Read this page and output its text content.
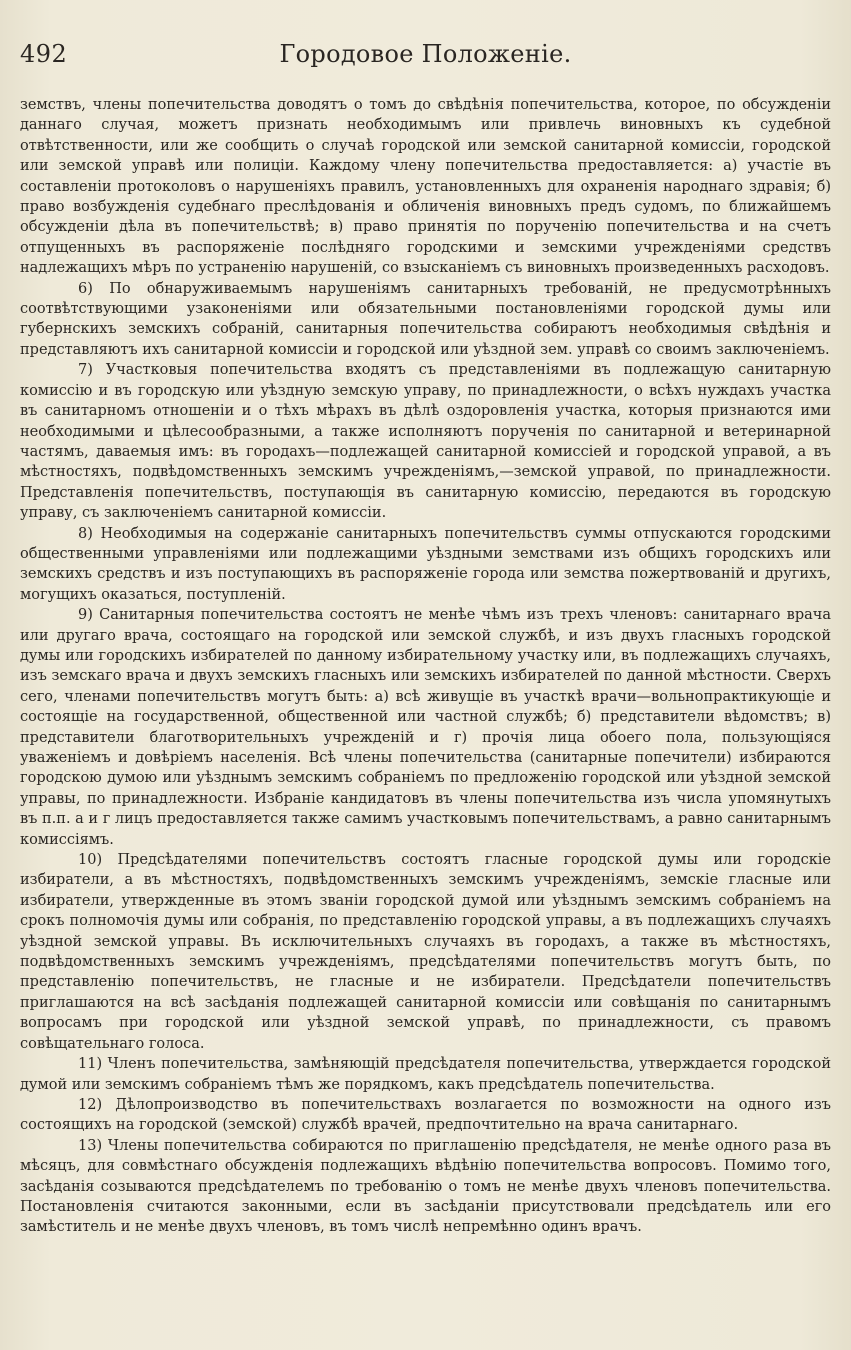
492	Городовое Положеніе.

земствъ, члены попечительства доводятъ о томъ до свѣдѣнія попечительства, которое, по обсужденіи даннаго случая, можетъ признать необходимымъ или привлечь виновныхъ къ судебной отвѣтственности, или же сообщить о случаѣ городской или земской санитарной комиссіи, городской или земской управѣ или полиціи. Каждому члену попечительства предоставляется: а) участіе въ составленіи протоколовъ о нарушеніяхъ правилъ, установленныхъ для охраненія народнаго здравія; б) право возбужденія судебнаго преслѣдованія и обличенія виновныхъ предъ судомъ, по ближайшемъ обсужденіи дѣла въ попечительствѣ; в) право принятія по порученію попечительства и на счетъ отпущенныхъ въ распоряженіе послѣдняго городскими и земскими учрежденіями средствъ надлежащихъ мѣръ по устраненію нарушеній, со взысканіемъ съ виновныхъ произведенныхъ расходовъ.

6) По обнаруживаемымъ нарушеніямъ санитарныхъ требованій, не предусмотрѣнныхъ соотвѣтствующими узаконеніями или обязательными постановленіями городской думы или губернскихъ земскихъ собраній, санитарныя попечительства собираютъ необходимыя свѣдѣнія и представляютъ ихъ санитарной комиссіи и городской или уѣздной зем. управѣ со своимъ заключеніемъ.

7) Участковыя попечительства входятъ съ представленіями въ подлежащую санитарную комиссію и въ городскую или уѣздную земскую управу, по принадлежности, о всѣхъ нуждахъ участка въ санитарномъ отношеніи и о тѣхъ мѣрахъ въ дѣлѣ оздоровленія участка, которыя признаются ими необходимыми и цѣлесообразными, а также исполняютъ порученія по санитарной и ветеринарной частямъ, даваемыя имъ: въ городахъ—подлежащей санитарной комиссіей и городской управой, а въ мѣстностяхъ, подвѣдомственныхъ земскимъ учрежденіямъ,—земской управой, по принадлежности. Представленія попечительствъ, поступающія въ санитарную комиссію, передаются въ городскую управу, съ заключеніемъ санитарной комиссіи.

8) Необходимыя на содержаніе санитарныхъ попечительствъ суммы отпускаются городскими общественными управленіями или подлежащими уѣздными земствами изъ общихъ городскихъ или земскихъ средствъ и изъ поступающихъ въ распоряженіе города или земства пожертвованій и другихъ, могущихъ оказаться, поступленій.

9) Санитарныя попечительства состоятъ не менѣе чѣмъ изъ трехъ членовъ: санитарнаго врача или другаго врача, состоящаго на городской или земской службѣ, и изъ двухъ гласныхъ городской думы или городскихъ избирателей по данному избирательному участку или, въ подлежащихъ случаяхъ, изъ земскаго врача и двухъ земскихъ гласныхъ или земскихъ избирателей по данной мѣстности. Сверхъ сего, членами попечительствъ могутъ быть: а) всѣ живущіе въ участкѣ врачи—вольнопрактикующіе и состоящіе на государственной, общественной или частной службѣ; б) представители вѣдомствъ; в) представители благотворительныхъ учрежденій и г) прочія лица обоего пола, пользующіяся уваженіемъ и довѣріемъ населенія. Всѣ члены попечительства (санитарные попечители) избираются городскою думою или уѣзднымъ земскимъ собраніемъ по предложенію городской или уѣздной земской управы, по принадлежности. Избраніе кандидатовъ въ члены попечительства изъ числа упомянутыхъ въ п.п. а и г лицъ предоставляется также самимъ участковымъ попечительствамъ, а равно санитарнымъ комиссіямъ.

10) Предсѣдателями попечительствъ состоятъ гласные городской думы или городскіе избиратели, а въ мѣстностяхъ, подвѣдомственныхъ земскимъ учрежденіямъ, земскіе гласные или избиратели, утвержденные въ этомъ званіи городской думой или уѣзднымъ земскимъ собраніемъ на срокъ полномочія думы или собранія, по представленію городской управы, а въ подлежащихъ случаяхъ уѣздной земской управы. Въ исключительныхъ случаяхъ въ городахъ, а также въ мѣстностяхъ, подвѣдомственныхъ земскимъ учрежденіямъ, предсѣдателями попечительствъ могутъ быть, по представленію попечительствъ, не гласные и не избиратели. Предсѣдатели попечительствъ приглашаются на всѣ засѣданія подлежащей санитарной комиссіи или совѣщанія по санитарнымъ вопросамъ при городской или уѣздной земской управѣ, по принадлежности, съ правомъ совѣщательнаго голоса.

11) Членъ попечительства, замѣняющій предсѣдателя попечительства, утверждается городской думой или земскимъ собраніемъ тѣмъ же порядкомъ, какъ предсѣдатель попечительства.

12) Дѣлопроизводство въ попечительствахъ возлагается по возможности на одного изъ состоящихъ на городской (земской) службѣ врачей, предпочтительно на врача санитарнаго.

13) Члены попечительства собираются по приглашенію предсѣдателя, не менѣе одного раза въ мѣсяцъ, для совмѣстнаго обсужденія подлежащихъ вѣдѣнію попечительства вопросовъ. Помимо того, засѣданія созываются предсѣдателемъ по требованію о томъ не менѣе двухъ членовъ попечительства. Постановленія считаются законными, если въ засѣданіи присутствовали предсѣдатель или его замѣститель и не менѣе двухъ членовъ, въ томъ числѣ непремѣнно одинъ врачъ.
